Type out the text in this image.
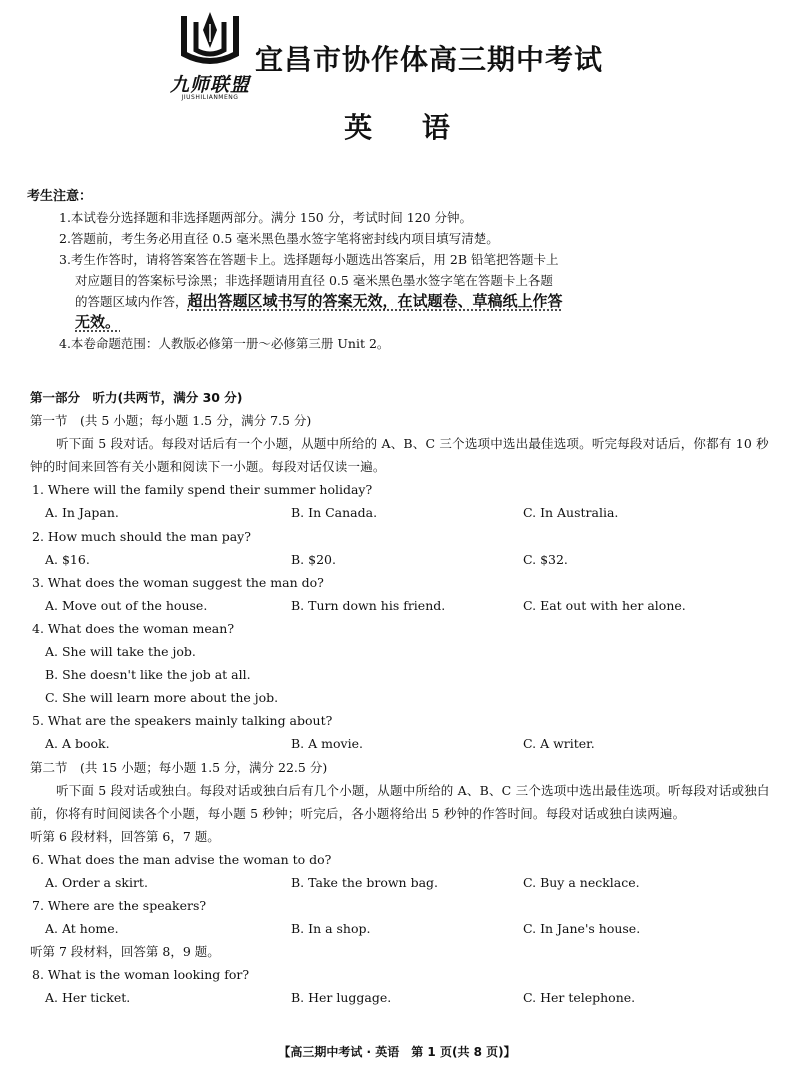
九师联盟
JIUSHILIANMENG
宜昌市协作体高三期中考试
英 语
考生注意：
1.本试卷分选择题和非选择题两部分。满分 150 分，考试时间 120 分钟。
2.答题前，考生务必用直径 0.5 毫米黑色墨水签字笔将密封线内项目填写清楚。
3.考生作答时，请将答案答在答题卡上。选择题每小题选出答案后，用 2B 铅笔把答题卡上
对应题目的答案标号涂黑；非选择题请用直径 0.5 毫米黑色墨水签字笔在答题卡上各题
的答题区域内作答，超出答题区域书写的答案无效，在试题卷、草稿纸上作答
无效。
4.本卷命题范围：人教版必修第一册～必修第三册 Unit 2。
第一部分　听力(共两节，满分 30 分)
第一节　(共 5 小题；每小题 1.5 分，满分 7.5 分)
听下面 5 段对话。每段对话后有一个小题，从题中所给的 A、B、C 三个选项中选出最佳选项。听完每段对话后，你都有 10 秒钟的时间来回答有关小题和阅读下一小题。每段对话仅读一遍。
1. Where will the family spend their summer holiday?
A. In Japan.	B. In Canada.	C. In Australia.
2. How much should the man pay?
A. $16.	B. $20.	C. $32.
3. What does the woman suggest the man do?
A. Move out of the house.	B. Turn down his friend.	C. Eat out with her alone.
4. What does the woman mean?
A. She will take the job.
B. She doesn't like the job at all.
C. She will learn more about the job.
5. What are the speakers mainly talking about?
A. A book.	B. A movie.	C. A writer.
第二节　(共 15 小题；每小题 1.5 分，满分 22.5 分)
听下面 5 段对话或独白。每段对话或独白后有几个小题，从题中所给的 A、B、C 三个选项中选出最佳选项。听每段对话或独白前，你将有时间阅读各个小题，每小题 5 秒钟；听完后，各小题将给出 5 秒钟的作答时间。每段对话或独白读两遍。
听第 6 段材料，回答第 6，7 题。
6. What does the man advise the woman to do?
A. Order a skirt.	B. Take the brown bag.	C. Buy a necklace.
7. Where are the speakers?
A. At home.	B. In a shop.	C. In Jane's house.
听第 7 段材料，回答第 8，9 题。
8. What is the woman looking for?
A. Her ticket.	B. Her luggage.	C. Her telephone.
【高三期中考试 · 英语　第 1 页(共 8 页)】
